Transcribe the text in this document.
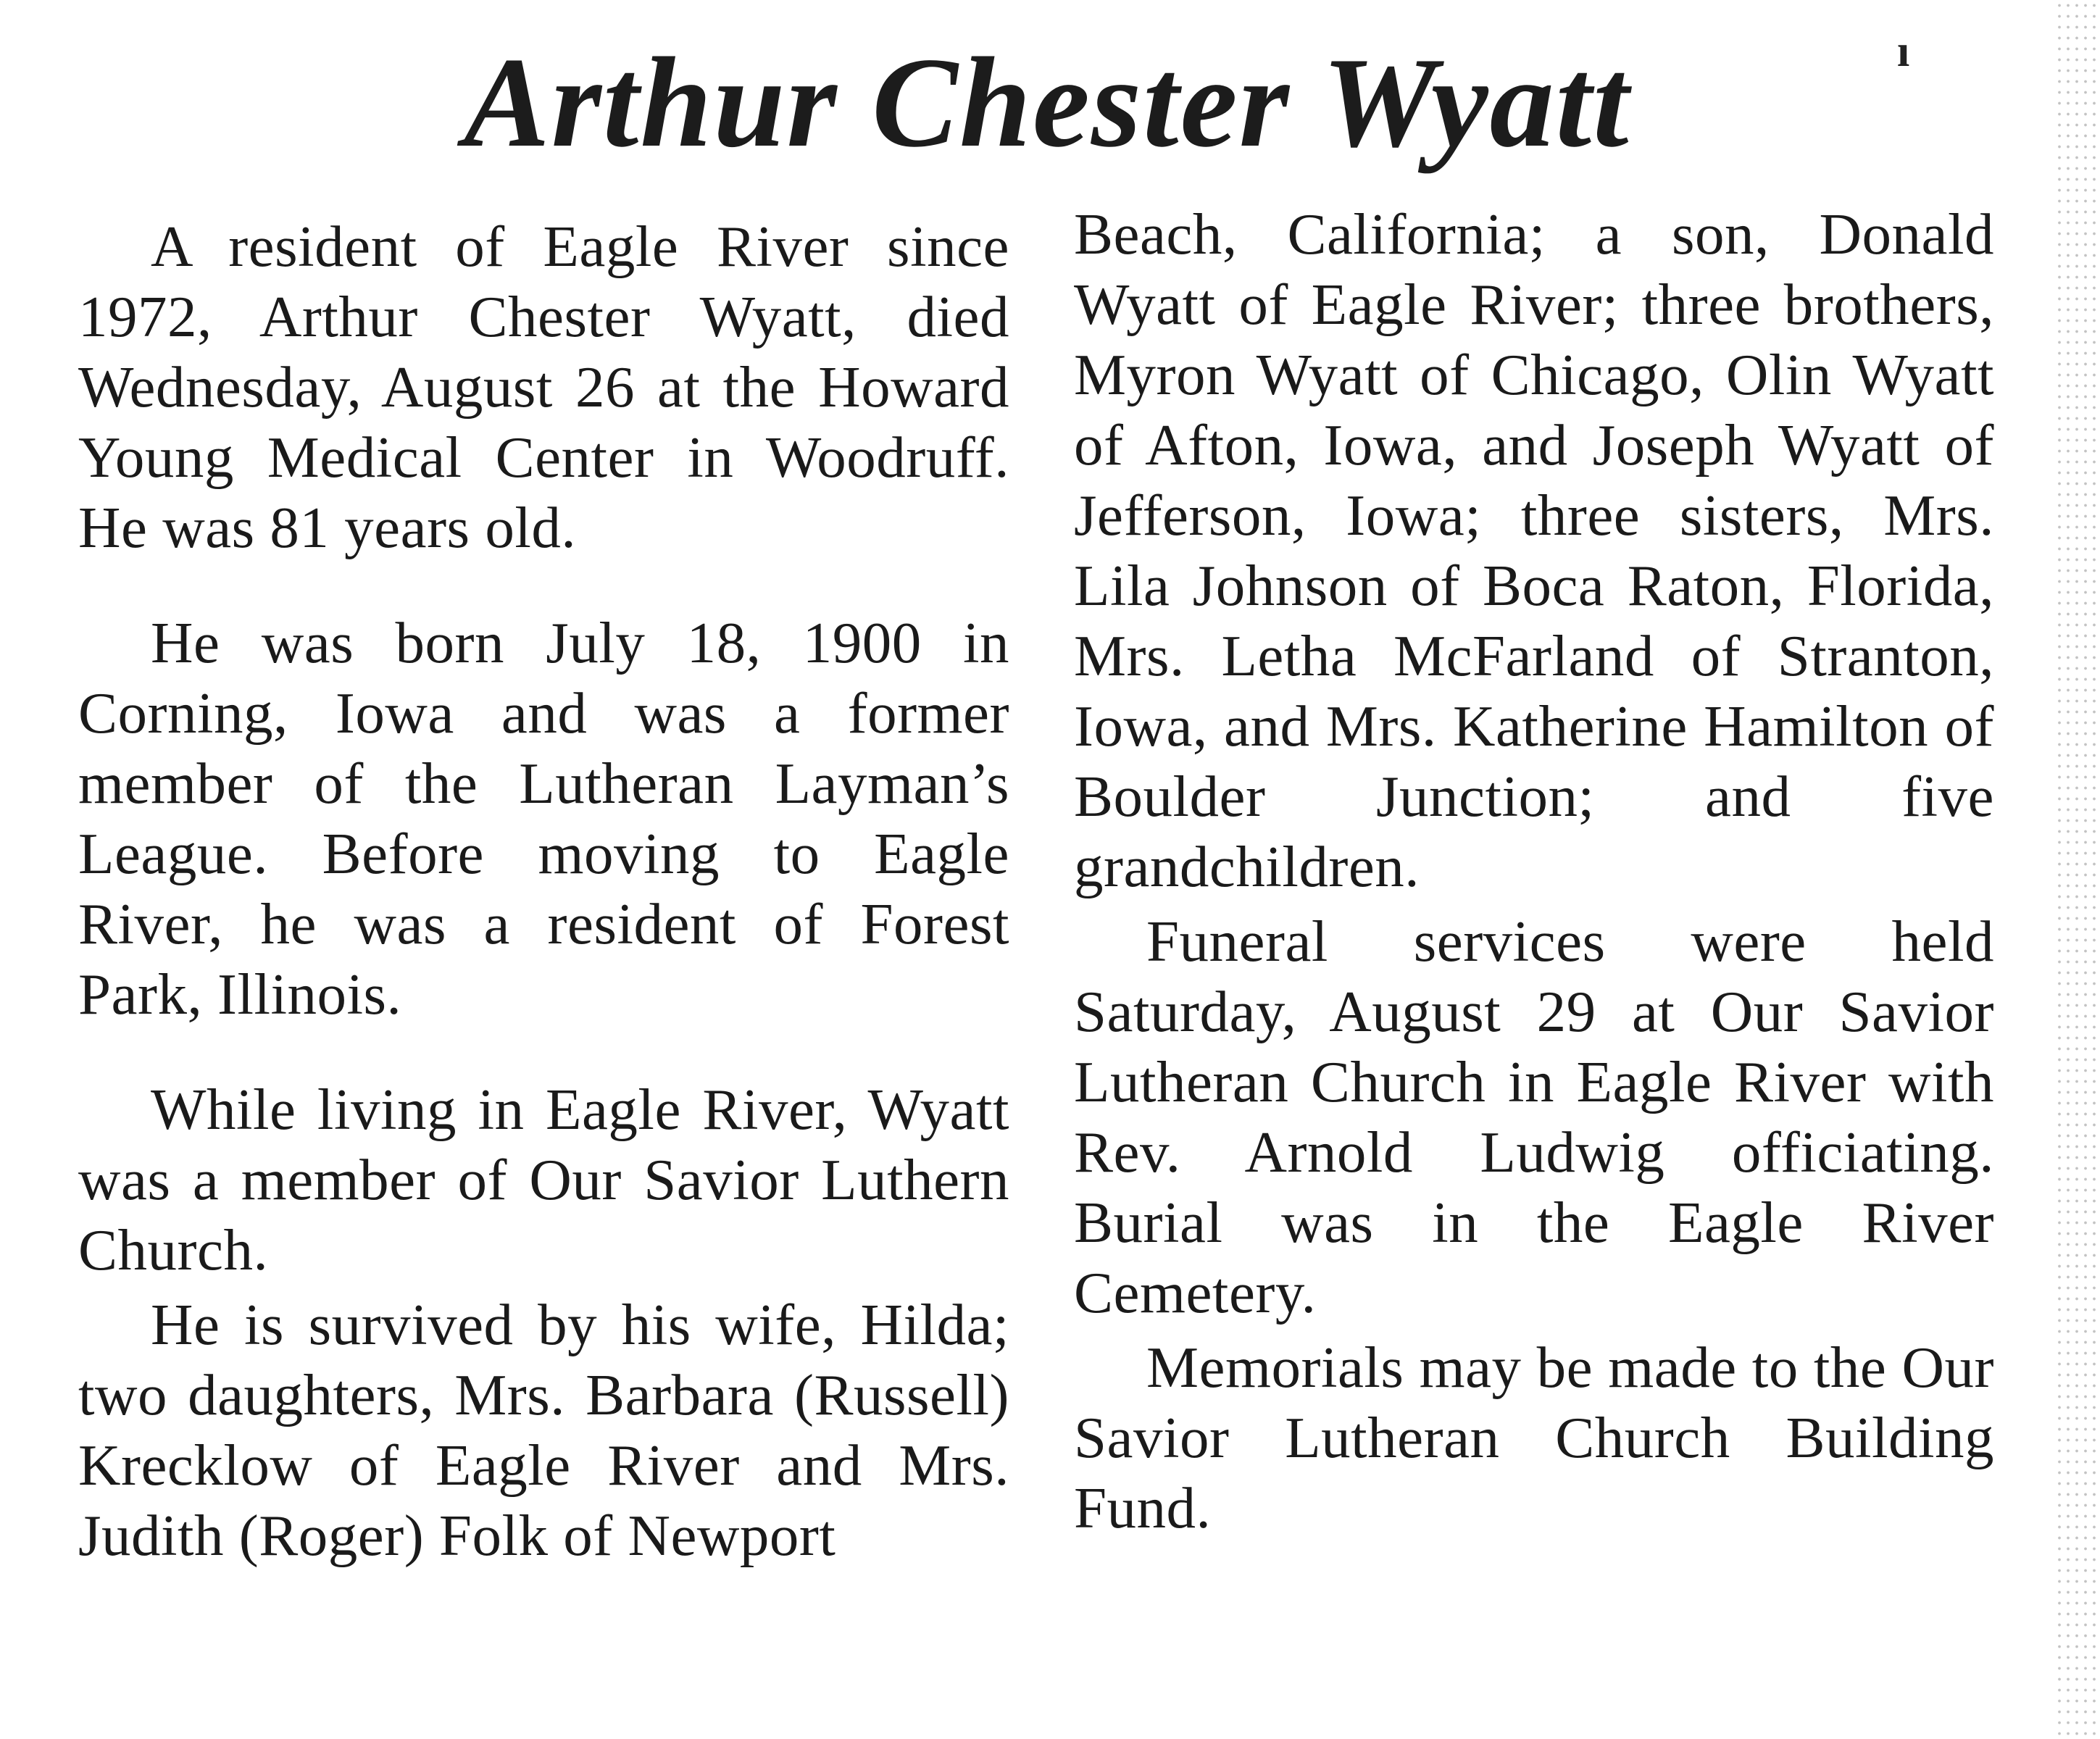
Arthur Chester Wyatt	ı

A resident of Eagle River since 1972, Arthur Chester Wyatt, died Wednesday, August 26 at the Howard Young Medical Center in Woodruff. He was 81 years old.

He was born July 18, 1900 in Corning, Iowa and was a former member of the Lutheran Layman’s League. Before moving to Eagle River, he was a resident of Forest Park, Illinois.

While living in Eagle River, Wyatt was a member of Our Savior Luthern Church.

He is survived by his wife, Hilda; two daughters, Mrs. Barbara (Russell) Krecklow of Eagle River and Mrs. Judith (Roger) Folk of Newport

Beach, California; a son, Donald Wyatt of Eagle River; three brothers, Myron Wyatt of Chicago, Olin Wyatt of Afton, Iowa, and Joseph Wyatt of Jefferson, Iowa; three sisters, Mrs. Lila Johnson of Boca Raton, Florida, Mrs. Letha McFarland of Stranton, Iowa, and Mrs. Katherine Hamilton of Boulder Junction; and five grandchildren.

Funeral services were held Saturday, August 29 at Our Savior Lutheran Church in Eagle River with Rev. Arnold Ludwig officiating. Burial was in the Eagle River Cemetery.

Memorials may be made to the Our Savior Lutheran Church Building Fund.
